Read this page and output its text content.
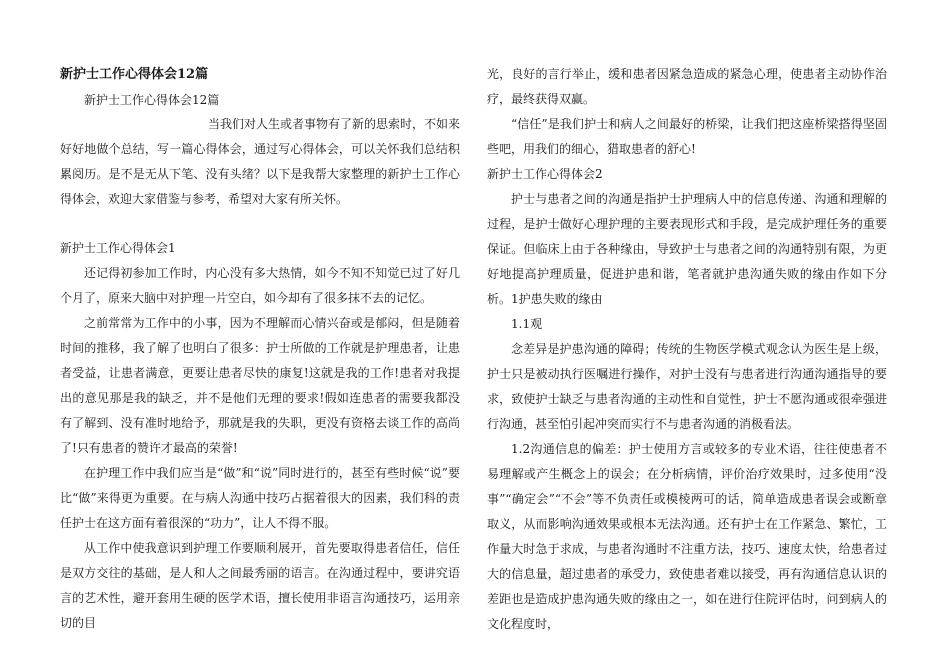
新护士工作心得体会12篇
新护士工作心得体会12篇
当我们对人生或者事物有了新的思索时，不如来好好地做个总结，写一篇心得体会，通过写心得体会，可以关怀我们总结积累阅历。是不是无从下笔、没有头绪？以下是我帮大家整理的新护士工作心得体会，欢迎大家借鉴与参考，希望对大家有所关怀。
新护士工作心得体会1
还记得初参加工作时，内心没有多大热情，如今不知不知觉已过了好几个月了，原来大脑中对护理一片空白，如今却有了很多抹不去的记忆。
之前常常为工作中的小事，因为不理解而心情兴奋或是郁闷，但是随着时间的推移，我了解了也明白了很多：护士所做的工作就是护理患者，让患者受益，让患者满意，更要让患者尽快的康复!这就是我的工作!患者对我提出的意见那是我的缺乏，并不是他们无理的要求!假如连患者的需要我都没有了解到、没有准时地给予，那就是我的失职，更没有资格去谈工作的高尚了!只有患者的赞许才最高的荣誉!
在护理工作中我们应当是“做”和“说”同时进行的，甚至有些时候“说”要比“做”来得更为重要。在与病人沟通中技巧占据着很大的因素，我们科的责任护士在这方面有着很深的“功力”，让人不得不服。
从工作中使我意识到护理工作要顺利展开，首先要取得患者信任，信任是双方交往的基础，是人和人之间最秀丽的语言。在沟通过程中，要讲究语言的艺术性，避开套用生硬的医学术语，擅长使用非语言沟通技巧，运用亲切的目
光，良好的言行举止，缓和患者因紧急造成的紧急心理，使患者主动协作治疗，最终获得双赢。
“信任”是我们护士和病人之间最好的桥梁，让我们把这座桥梁搭得坚固些吧，用我们的细心，猎取患者的舒心!
新护士工作心得体会2
护士与患者之间的沟通是指护士护理病人中的信息传递、沟通和理解的过程，是护士做好心理护理的主要表现形式和手段，是完成护理任务的重要保证。但临床上由于各种缘由，导致护士与患者之间的沟通特别有限，为更好地提高护理质量，促进护患和谐，笔者就护患沟通失败的缘由作如下分析。 1护患失败的缘由
1.1观
念差异是护患沟通的障碍；传统的生物医学模式观念认为医生是上级，护士只是被动执行医嘱进行操作，对护士没有与患者进行沟通沟通指导的要求，致使护士缺乏与患者沟通的主动性和自觉性，护士不愿沟通或很牵强进行沟通，甚至怕引起冲突而实行不与患者沟通的消极看法。
1.2沟通信息的偏差：护士使用方言或较多的专业术语，往往使患者不易理解或产生概念上的误会；在分析病情，评价治疗效果时，过多使用“没事”“确定会”“不会”等不负责任或模棱两可的话，简单造成患者误会或断章取义，从而影响沟通效果或根本无法沟通。还有护士在工作紧急、繁忙，工作量大时急于求成，与患者沟通时不注重方法，技巧、速度太快，给患者过大的信息量，超过患者的承受力，致使患者难以接受，再有沟通信息认识的差距也是造成护患沟通失败的缘由之一，如在进行住院评估时，问到病人的文化程度时，
